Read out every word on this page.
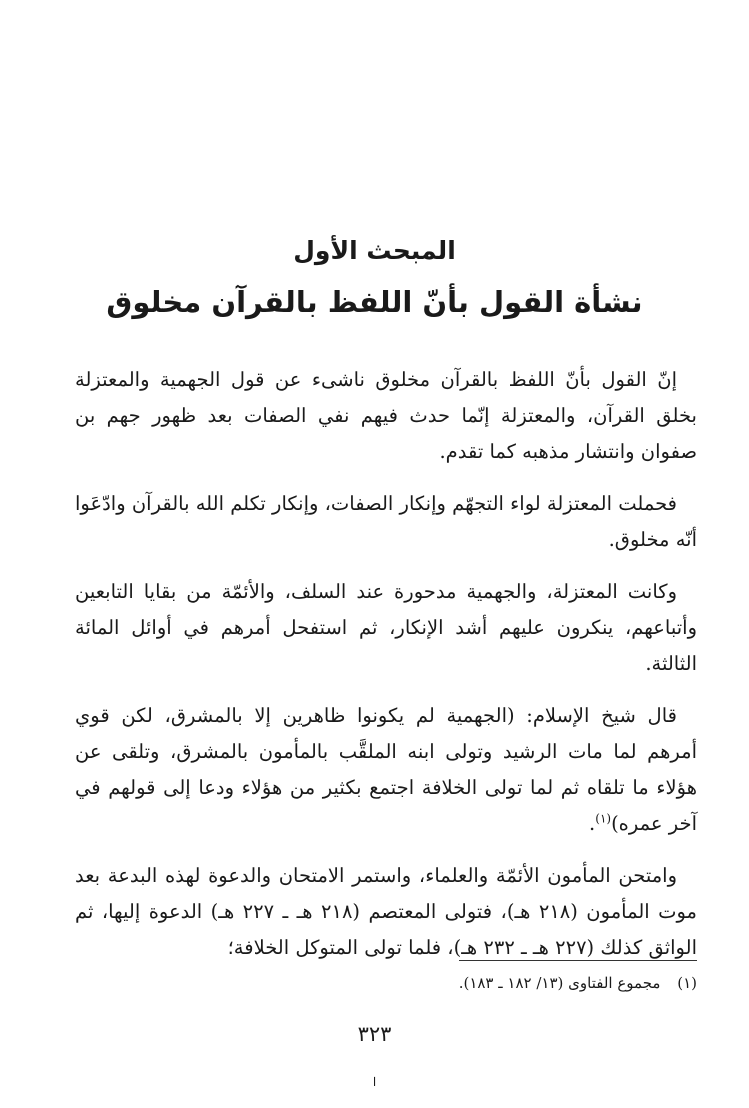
المبحث الأول
نشأة القول بأنّ اللفظ بالقرآن مخلوق

إنّ القول بأنّ اللفظ بالقرآن مخلوق ناشىء عن قول الجهمية والمعتزلة بخلق القرآن، والمعتزلة إنّما حدث فيهم نفي الصفات بعد ظهور جهم بن صفوان وانتشار مذهبه كما تقدم.

فحملت المعتزلة لواء التجهّم وإنكار الصفات، وإنكار تكلم الله بالقرآن وادّعَوا أنّه مخلوق.

وكانت المعتزلة، والجهمية مدحورة عند السلف، والأئمّة من بقايا التابعين وأتباعهم، ينكرون عليهم أشد الإنكار، ثم استفحل أمرهم في أوائل المائة الثالثة.

قال شيخ الإسلام: (الجهمية لم يكونوا ظاهرين إلا بالمشرق، لكن قوي أمرهم لما مات الرشيد وتولى ابنه الملقَّب بالمأمون بالمشرق، وتلقى عن هؤلاء ما تلقاه ثم لما تولى الخلافة اجتمع بكثير من هؤلاء ودعا إلى قولهم في آخر عمره)$^{(١)}$.

وامتحن المأمون الأئمّة والعلماء، واستمر الامتحان والدعوة لهذه البدعة بعد موت المأمون (٢١٨ هـ)، فتولى المعتصم (٢١٨ هـ ـ ٢٢٧ هـ) الدعوة إليها، ثم الواثق كذلك (٢٢٧ هـ ـ ٢٣٢ هـ)، فلما تولى المتوكل الخلافة؛

(١) مجموع الفتاوى (١٣/ ١٨٢ ـ ١٨٣).
٣٢٣
ا
